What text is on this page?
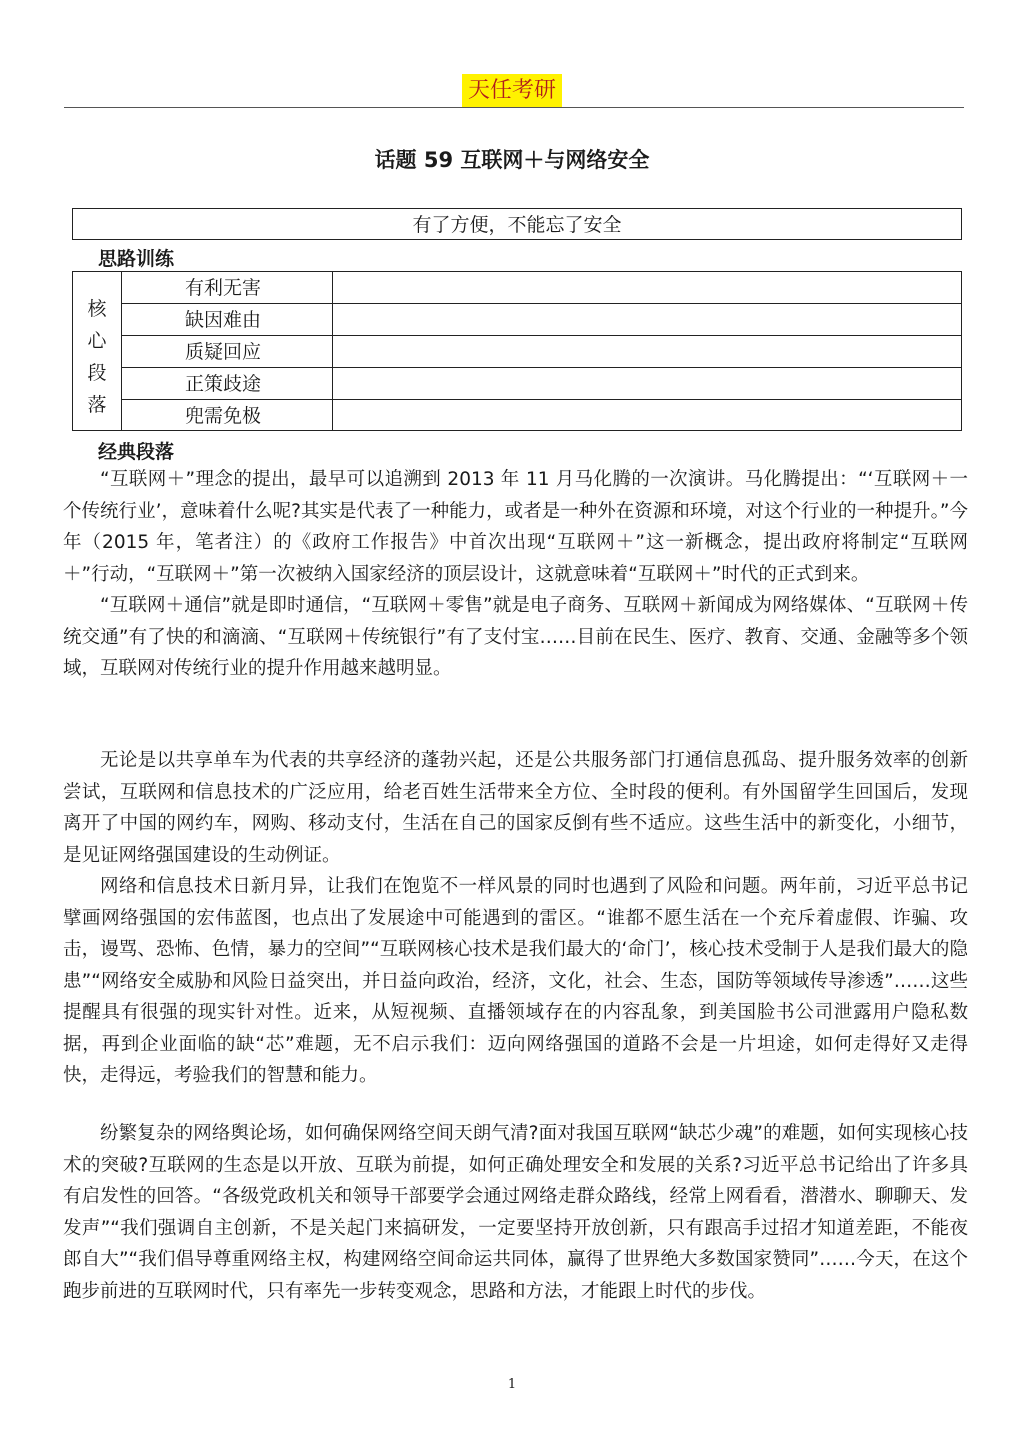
天任考研
话题 59 互联网＋与网络安全
有了方便，不能忘了安全
思路训练
核
心
段
落
有利无害
缺因难由
质疑回应
正策歧途
兜需免极
经典段落

“互联网＋”理念的提出，最早可以追溯到 2013 年 11 月马化腾的一次演讲。马化腾提出：“‘互联网＋一个传统行业’，意味着什么呢?其实是代表了一种能力，或者是一种外在资源和环境，对这个行业的一种提升。”今年（2015 年，笔者注）的《政府工作报告》中首次出现“互联网＋”这一新概念，提出政府将制定“互联网＋”行动，“互联网＋”第一次被纳入国家经济的顶层设计，这就意味着“互联网＋”时代的正式到来。

“互联网＋通信”就是即时通信，“互联网＋零售”就是电子商务、互联网＋新闻成为网络媒体、“互联网＋传统交通”有了快的和滴滴、“互联网＋传统银行”有了支付宝……目前在民生、医疗、教育、交通、金融等多个领域，互联网对传统行业的提升作用越来越明显。

无论是以共享单车为代表的共享经济的蓬勃兴起，还是公共服务部门打通信息孤岛、提升服务效率的创新尝试，互联网和信息技术的广泛应用，给老百姓生活带来全方位、全时段的便利。有外国留学生回国后，发现离开了中国的网约车，网购、移动支付，生活在自己的国家反倒有些不适应。这些生活中的新变化，小细节，是见证网络强国建设的生动例证。

网络和信息技术日新月异，让我们在饱览不一样风景的同时也遇到了风险和问题。两年前，习近平总书记擘画网络强国的宏伟蓝图，也点出了发展途中可能遇到的雷区。“谁都不愿生活在一个充斥着虚假、诈骗、攻击，谩骂、恐怖、色情，暴力的空间”“互联网核心技术是我们最大的‘命门’，核心技术受制于人是我们最大的隐患”“网络安全威胁和风险日益突出，并日益向政治，经济，文化，社会、生态，国防等领域传导渗透”……这些提醒具有很强的现实针对性。近来，从短视频、直播领域存在的内容乱象，到美国脸书公司泄露用户隐私数据，再到企业面临的缺“芯”难题，无不启示我们：迈向网络强国的道路不会是一片坦途，如何走得好又走得快，走得远，考验我们的智慧和能力。

纷繁复杂的网络舆论场，如何确保网络空间天朗气清?面对我国互联网“缺芯少魂”的难题，如何实现核心技术的突破?互联网的生态是以开放、互联为前提，如何正确处理安全和发展的关系?习近平总书记给出了许多具有启发性的回答。“各级党政机关和领导干部要学会通过网络走群众路线，经常上网看看，潜潜水、聊聊天、发发声”“我们强调自主创新，不是关起门来搞研发，一定要坚持开放创新，只有跟高手过招才知道差距，不能夜郎自大”“我们倡导尊重网络主权，构建网络空间命运共同体，赢得了世界绝大多数国家赞同”……今天，在这个跑步前进的互联网时代，只有率先一步转变观念，思路和方法，才能跟上时代的步伐。

1
